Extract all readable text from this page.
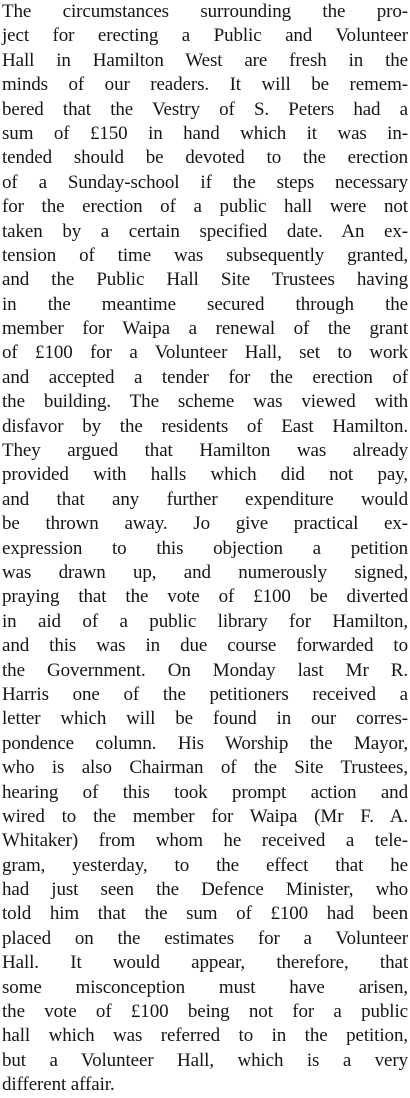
The circumstances surrounding the pro-
ject for erecting a Public and Volunteer
Hall in Hamilton West are fresh in the
minds of our readers. It will be remem-
bered that the Vestry of S. Peters had a
sum of £150 in hand which it was in-
tended should be devoted to the erection
of a Sunday-school if the steps necessary
for the erection of a public hall were not
taken by a certain specified date. An ex-
tension of time was subsequently granted,
and the Public Hall Site Trustees having
in the meantime secured through the
member for Waipa a renewal of the grant
of £100 for a Volunteer Hall, set to work
and accepted a tender for the erection of
the building. The scheme was viewed with
disfavor by the residents of East Hamilton.
They argued that Hamilton was already
provided with halls which did not pay,
and that any further expenditure would
be thrown away. Jo give practical ex-
expression to this objection a petition
was drawn up, and numerously signed,
praying that the vote of £100 be diverted
in aid of a public library for Hamilton,
and this was in due course forwarded to
the Government. On Monday last Mr R.
Harris one of the petitioners received a
letter which will be found in our corres-
pondence column. His Worship the Mayor,
who is also Chairman of the Site Trustees,
hearing of this took prompt action and
wired to the member for Waipa (Mr F. A.
Whitaker) from whom he received a tele-
gram, yesterday, to the effect that he
had just seen the Defence Minister, who
told him that the sum of £100 had been
placed on the estimates for a Volunteer
Hall. It would appear, therefore, that
some misconception must have arisen,
the vote of £100 being not for a public
hall which was referred to in the petition,
but a Volunteer Hall, which is a very
different affair.
